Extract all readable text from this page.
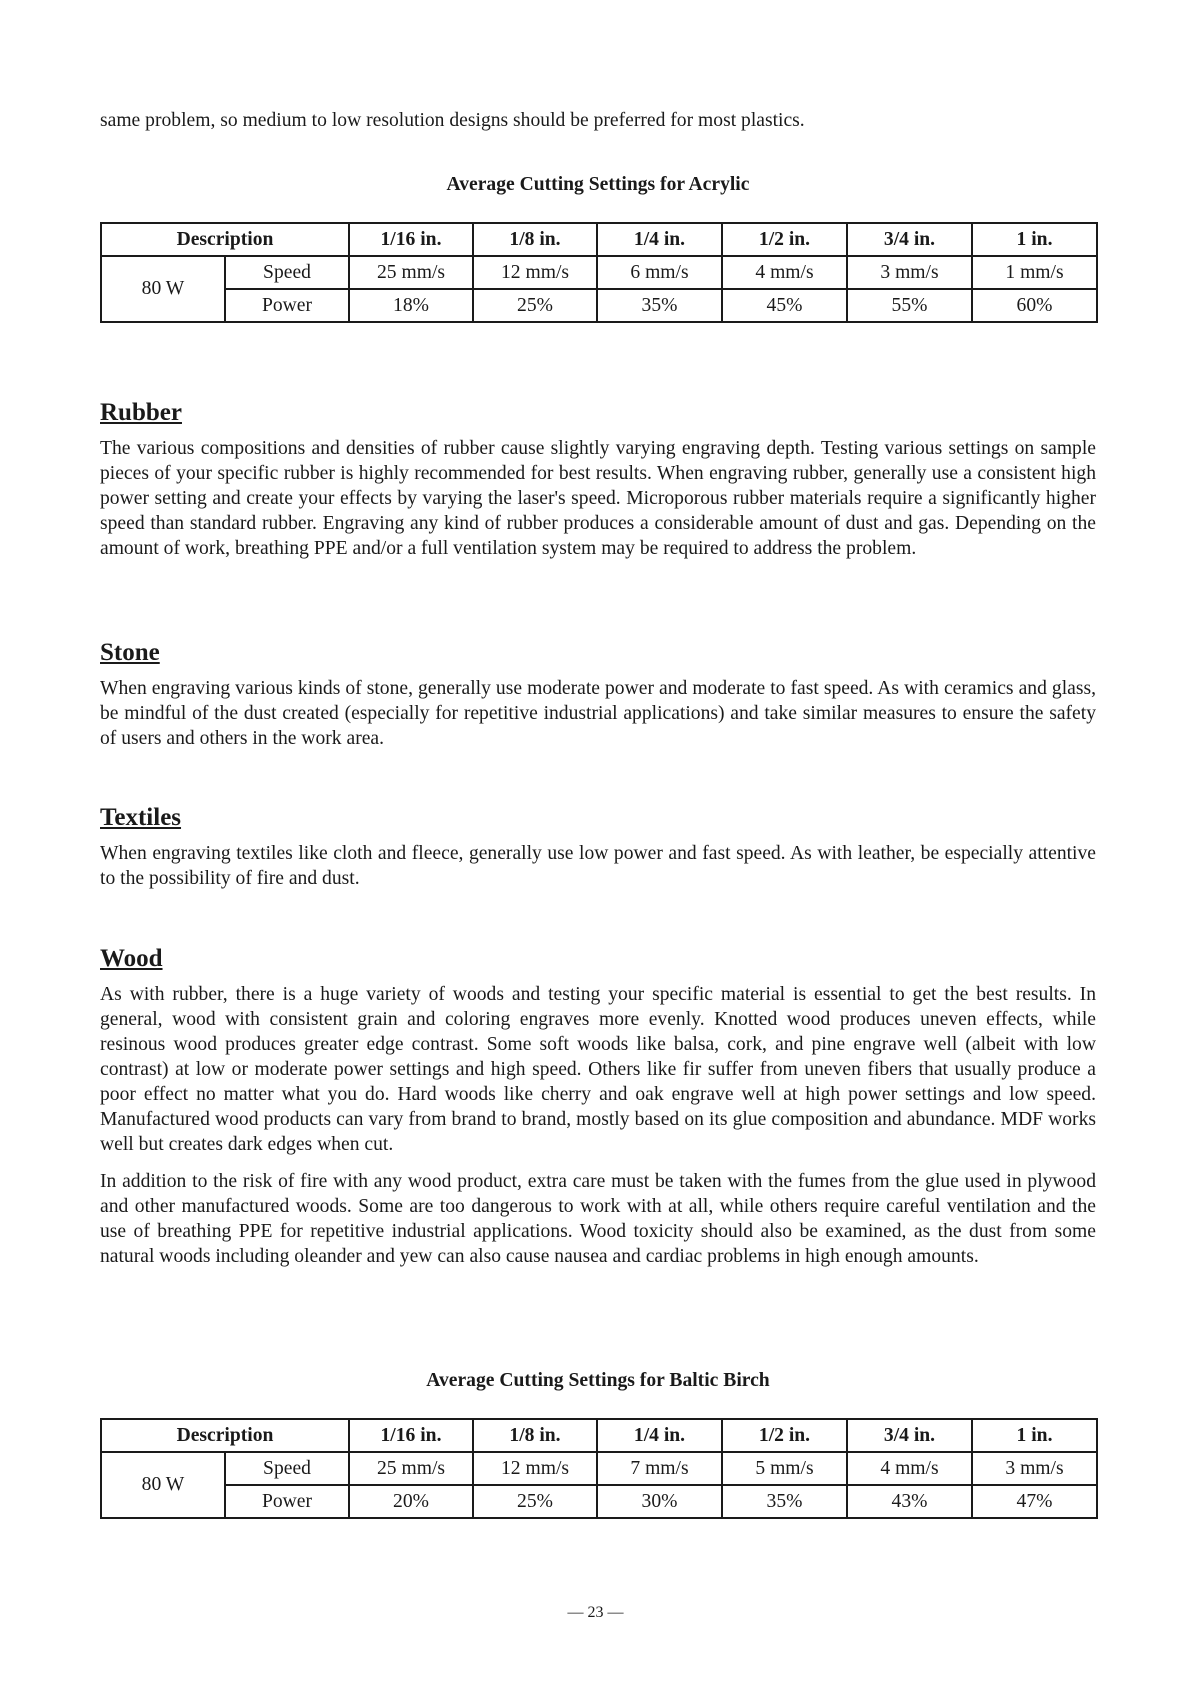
same problem, so medium to low resolution designs should be preferred for most plastics.

Average Cutting Settings for Acrylic
Description		1/16 in.	1/8 in.	1/4 in.	1/2 in.	3/4 in.	1 in.
80 W	Speed	25 mm/s	12 mm/s	6 mm/s	4 mm/s	3 mm/s	1 mm/s
	Power	18%	25%	35%	45%	55%	60%
Rubber

The various compositions and densities of rubber cause slightly varying engraving depth. Testing various settings on sample pieces of your specific rubber is highly recommended for best results. When engraving rubber, generally use a consistent high power setting and create your effects by varying the laser's speed. Microporous rubber materials require a significantly higher speed than standard rubber. Engraving any kind of rubber produces a considerable amount of dust and gas. Depending on the amount of work, breathing PPE and/or a full ventilation system may be required to address the problem.

Stone

When engraving various kinds of stone, generally use moderate power and moderate to fast speed. As with ceramics and glass, be mindful of the dust created (especially for repetitive industrial applications) and take similar measures to ensure the safety of users and others in the work area.

Textiles

When engraving textiles like cloth and fleece, generally use low power and fast speed. As with leather, be especially attentive to the possibility of fire and dust.

Wood

As with rubber, there is a huge variety of woods and testing your specific material is essential to get the best results. In general, wood with consistent grain and coloring engraves more evenly. Knotted wood produces uneven effects, while resinous wood produces greater edge contrast. Some soft woods like balsa, cork, and pine engrave well (albeit with low contrast) at low or moderate power settings and high speed. Others like fir suffer from uneven fibers that usually produce a poor effect no matter what you do. Hard woods like cherry and oak engrave well at high power settings and low speed. Manufactured wood products can vary from brand to brand, mostly based on its glue composition and abundance. MDF works well but creates dark edges when cut.

In addition to the risk of fire with any wood product, extra care must be taken with the fumes from the glue used in plywood and other manufactured woods. Some are too dangerous to work with at all, while others require careful ventilation and the use of breathing PPE for repetitive industrial applications. Wood toxicity should also be examined, as the dust from some natural woods including oleander and yew can also cause nausea and cardiac problems in high enough amounts.

Average Cutting Settings for Baltic Birch
Description		1/16 in.	1/8 in.	1/4 in.	1/2 in.	3/4 in.	1 in.
80 W	Speed	25 mm/s	12 mm/s	7 mm/s	5 mm/s	4 mm/s	3 mm/s
	Power	20%	25%	30%	35%	43%	47%
— 23 —
